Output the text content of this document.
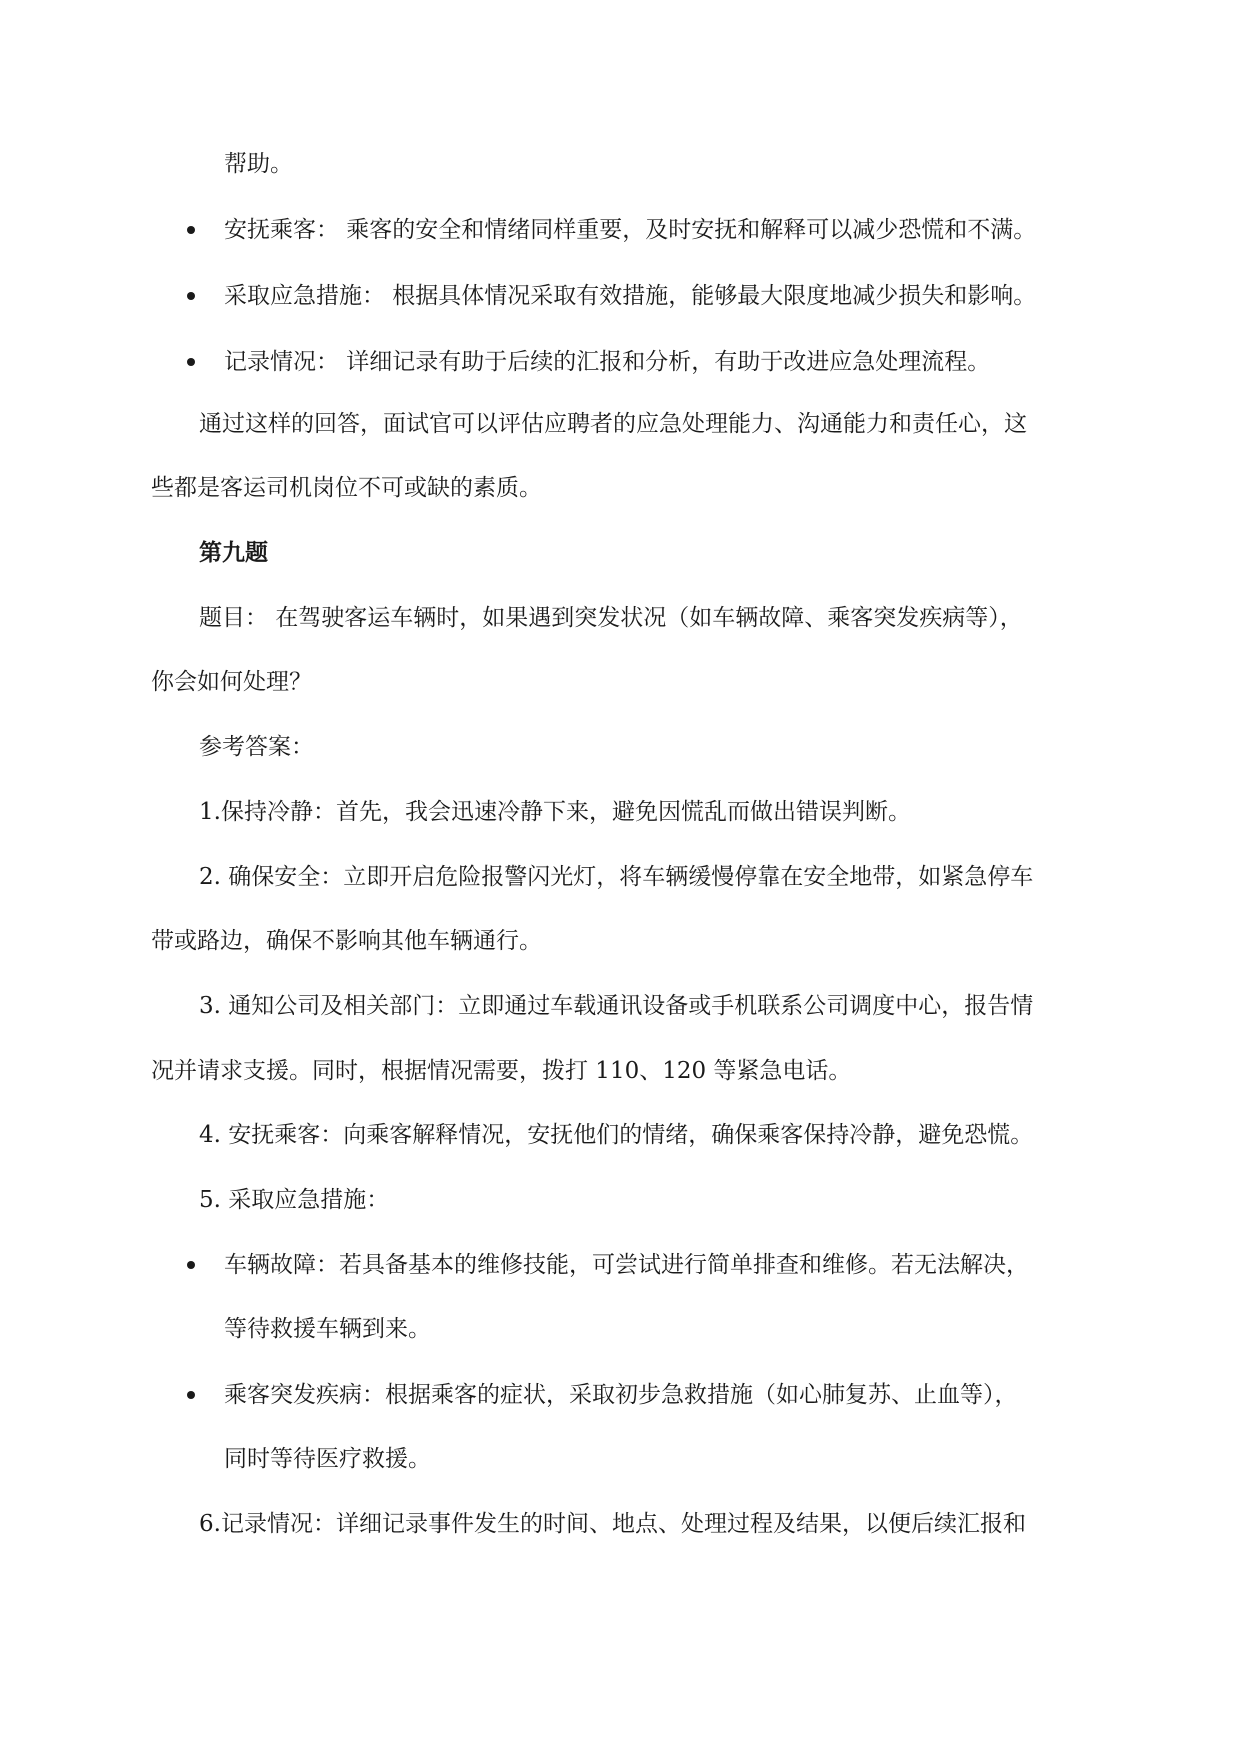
帮助。

安抚乘客： 乘客的安全和情绪同样重要，及时安抚和解释可以减少恐慌和不满。

采取应急措施： 根据具体情况采取有效措施，能够最大限度地减少损失和影响。

记录情况： 详细记录有助于后续的汇报和分析，有助于改进应急处理流程。

通过这样的回答，面试官可以评估应聘者的应急处理能力、沟通能力和责任心，这

些都是客运司机岗位不可或缺的素质。

第九题

题目： 在驾驶客运车辆时，如果遇到突发状况（如车辆故障、乘客突发疾病等），

你会如何处理？

参考答案：

1.保持冷静：首先，我会迅速冷静下来，避免因慌乱而做出错误判断。

2. 确保安全：立即开启危险报警闪光灯，将车辆缓慢停靠在安全地带，如紧急停车

带或路边，确保不影响其他车辆通行。

3. 通知公司及相关部门：立即通过车载通讯设备或手机联系公司调度中心，报告情

况并请求支援。同时，根据情况需要，拨打 110、120 等紧急电话。

4. 安抚乘客：向乘客解释情况，安抚他们的情绪，确保乘客保持冷静，避免恐慌。

5. 采取应急措施：

车辆故障：若具备基本的维修技能，可尝试进行简单排查和维修。若无法解决，

等待救援车辆到来。

乘客突发疾病：根据乘客的症状，采取初步急救措施（如心肺复苏、止血等），

同时等待医疗救援。

6.记录情况：详细记录事件发生的时间、地点、处理过程及结果，以便后续汇报和
